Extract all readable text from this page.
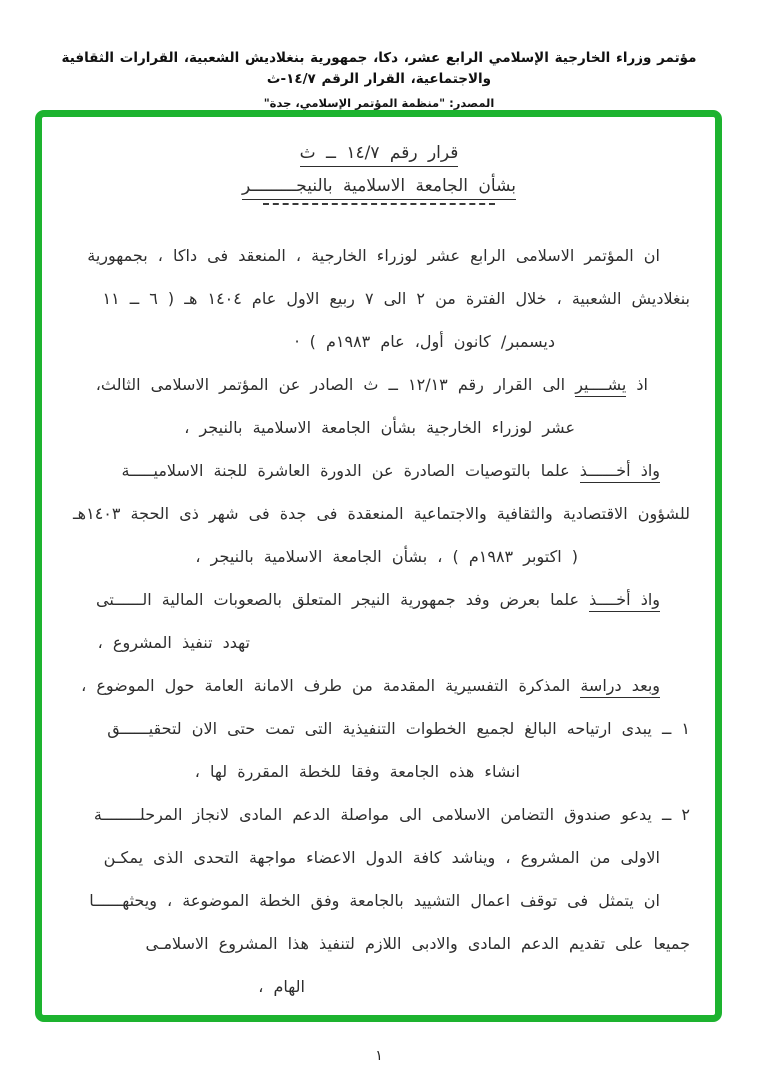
مؤتمر وزراء الخارجية الإسلامي الرابع عشر، دكا، جمهورية بنغلاديش الشعبية، القرارات الثقافية والاجتماعية، القرار الرقم ١٤/٧-ث
المصدر: "منظمة المؤتمر الإسلامي، جدة"
قرار رقم ١٤/٧ ــ ث
بشأن الجامعة الاسلامية بالنيجـــــــــر
ان المؤتمر الاسلامى الرابع عشر لوزراء الخارجية ، المنعقد فى داكا ، بجمهورية
بنغلاديش الشعبية ، خلال الفترة من ٢ الى ٧ ربيع الاول عام ١٤٠٤ هـ ( ٦ ــ ١١
ديسمبر/ كانون أول، عام ١٩٨٣م ) ·
اذ يشــــير الى القرار رقم ١٢/١٣ ــ ث الصادر عن المؤتمر الاسلامى الثالث،
عشر لوزراء الخارجية بشأن الجامعة الاسلامية بالنيجر ،
واذ أخــــــذ علما بالتوصيات الصادرة عن الدورة العاشرة للجنة الاسلاميـــــة
للشؤون الاقتصادية والثقافية والاجتماعية المنعقدة فى جدة فى شهر ذى الحجة ١٤٠٣هـ
( اكتوبر ١٩٨٣م ) ، بشأن الجامعة الاسلامية بالنيجر ،
واذ أخــــذ علما بعرض وفد جمهورية النيجر المتعلق بالصعوبات المالية الــــــتى
تهدد تنفيذ المشروع ،
وبعد دراسة المذكرة التفسيرية المقدمة من طرف الامانة العامة حول الموضوع ،
١ ــ يبدى ارتياحه البالغ لجميع الخطوات التنفيذية التى تمت حتى الان لتحقيــــــق
انشاء هذه الجامعة وفقا للخطة المقررة لها ،
٢ ــ يدعو صندوق التضامن الاسلامى الى مواصلة الدعم المادى لانجاز المرحلــــــــة
الاولى من المشروع ، ويناشد كافة الدول الاعضاء مواجهة التحدى الذى يمكـن
ان يتمثل فى توقف اعمال التشييد بالجامعة وفق الخطة الموضوعة ، ويحثهــــــا
جميعا على تقديم الدعم المادى والادبى اللازم لتنفيذ هذا المشروع الاسلامـى
الهام ،
١
